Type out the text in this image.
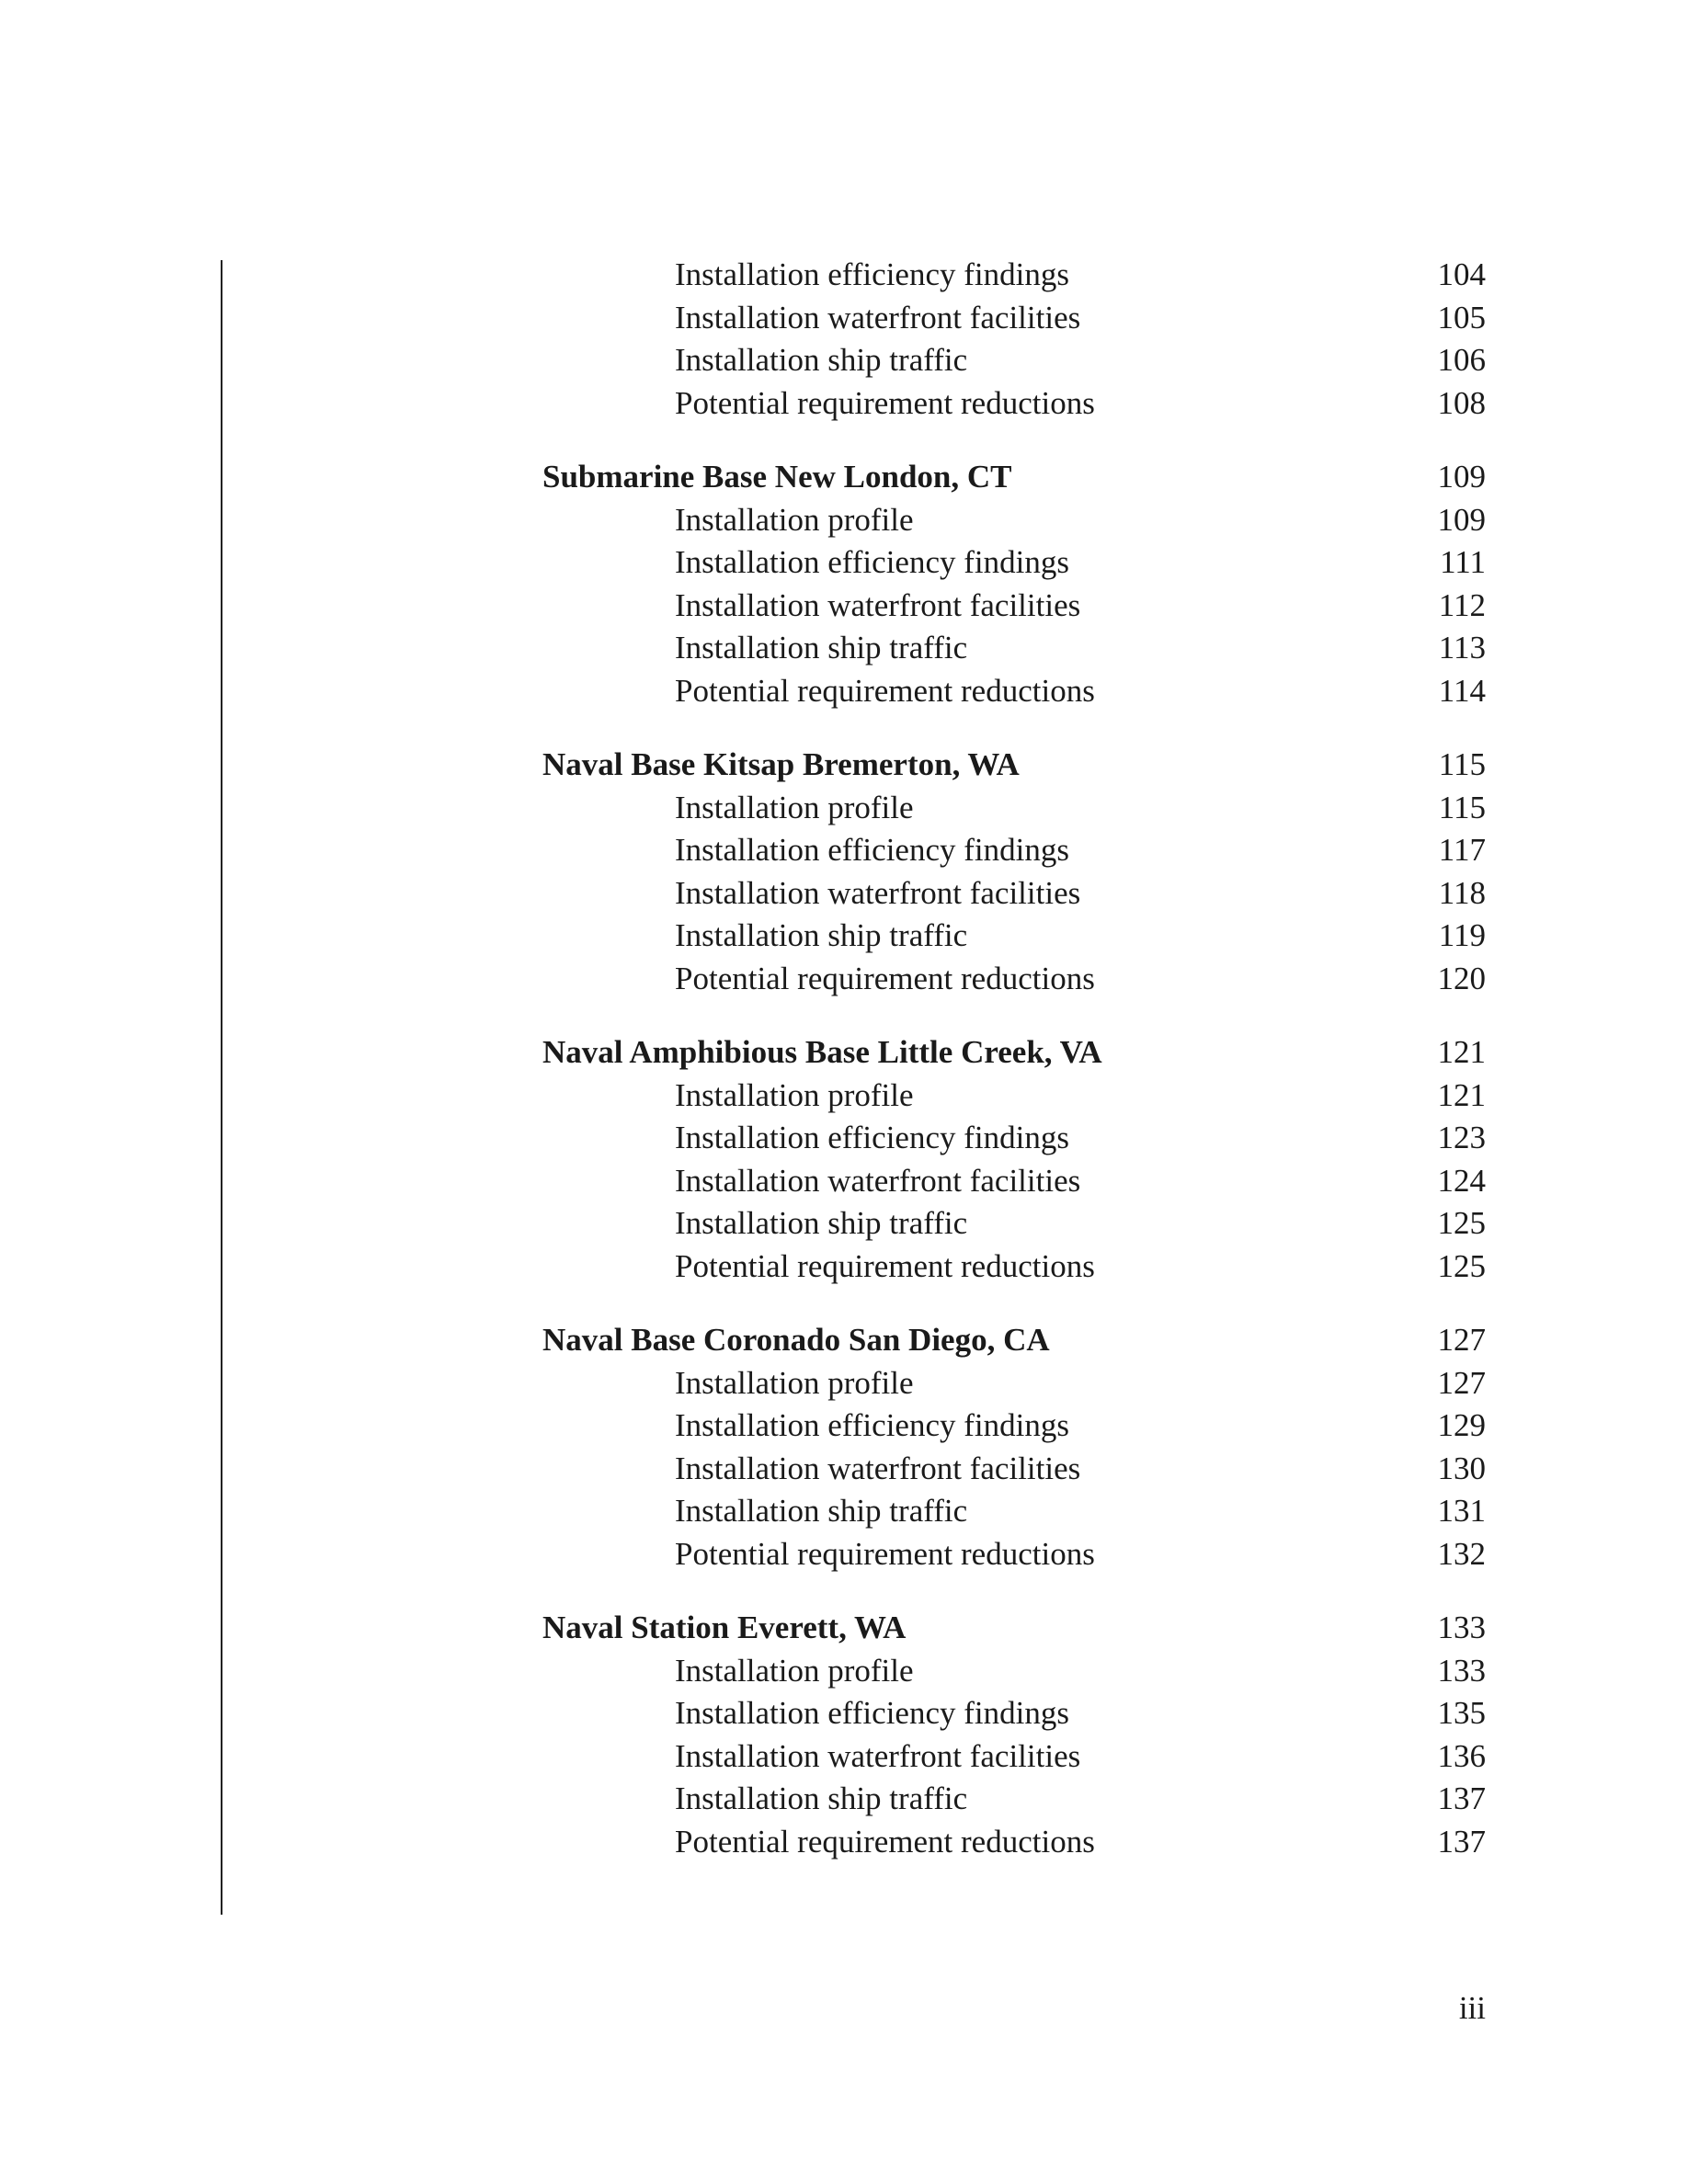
Installation efficiency findings	104
Installation waterfront facilities	105
Installation ship traffic	106
Potential requirement reductions	108
Submarine Base New London, CT	109
Installation profile	109
Installation efficiency findings	111
Installation waterfront facilities	112
Installation ship traffic	113
Potential requirement reductions	114
Naval Base Kitsap Bremerton, WA	115
Installation profile	115
Installation efficiency findings	117
Installation waterfront facilities	118
Installation ship traffic	119
Potential requirement reductions	120
Naval Amphibious Base Little Creek, VA	121
Installation profile	121
Installation efficiency findings	123
Installation waterfront facilities	124
Installation ship traffic	125
Potential requirement reductions	125
Naval Base Coronado San Diego, CA	127
Installation profile	127
Installation efficiency findings	129
Installation waterfront facilities	130
Installation ship traffic	131
Potential requirement reductions	132
Naval Station Everett, WA	133
Installation profile	133
Installation efficiency findings	135
Installation waterfront facilities	136
Installation ship traffic	137
Potential requirement reductions	137
iii
